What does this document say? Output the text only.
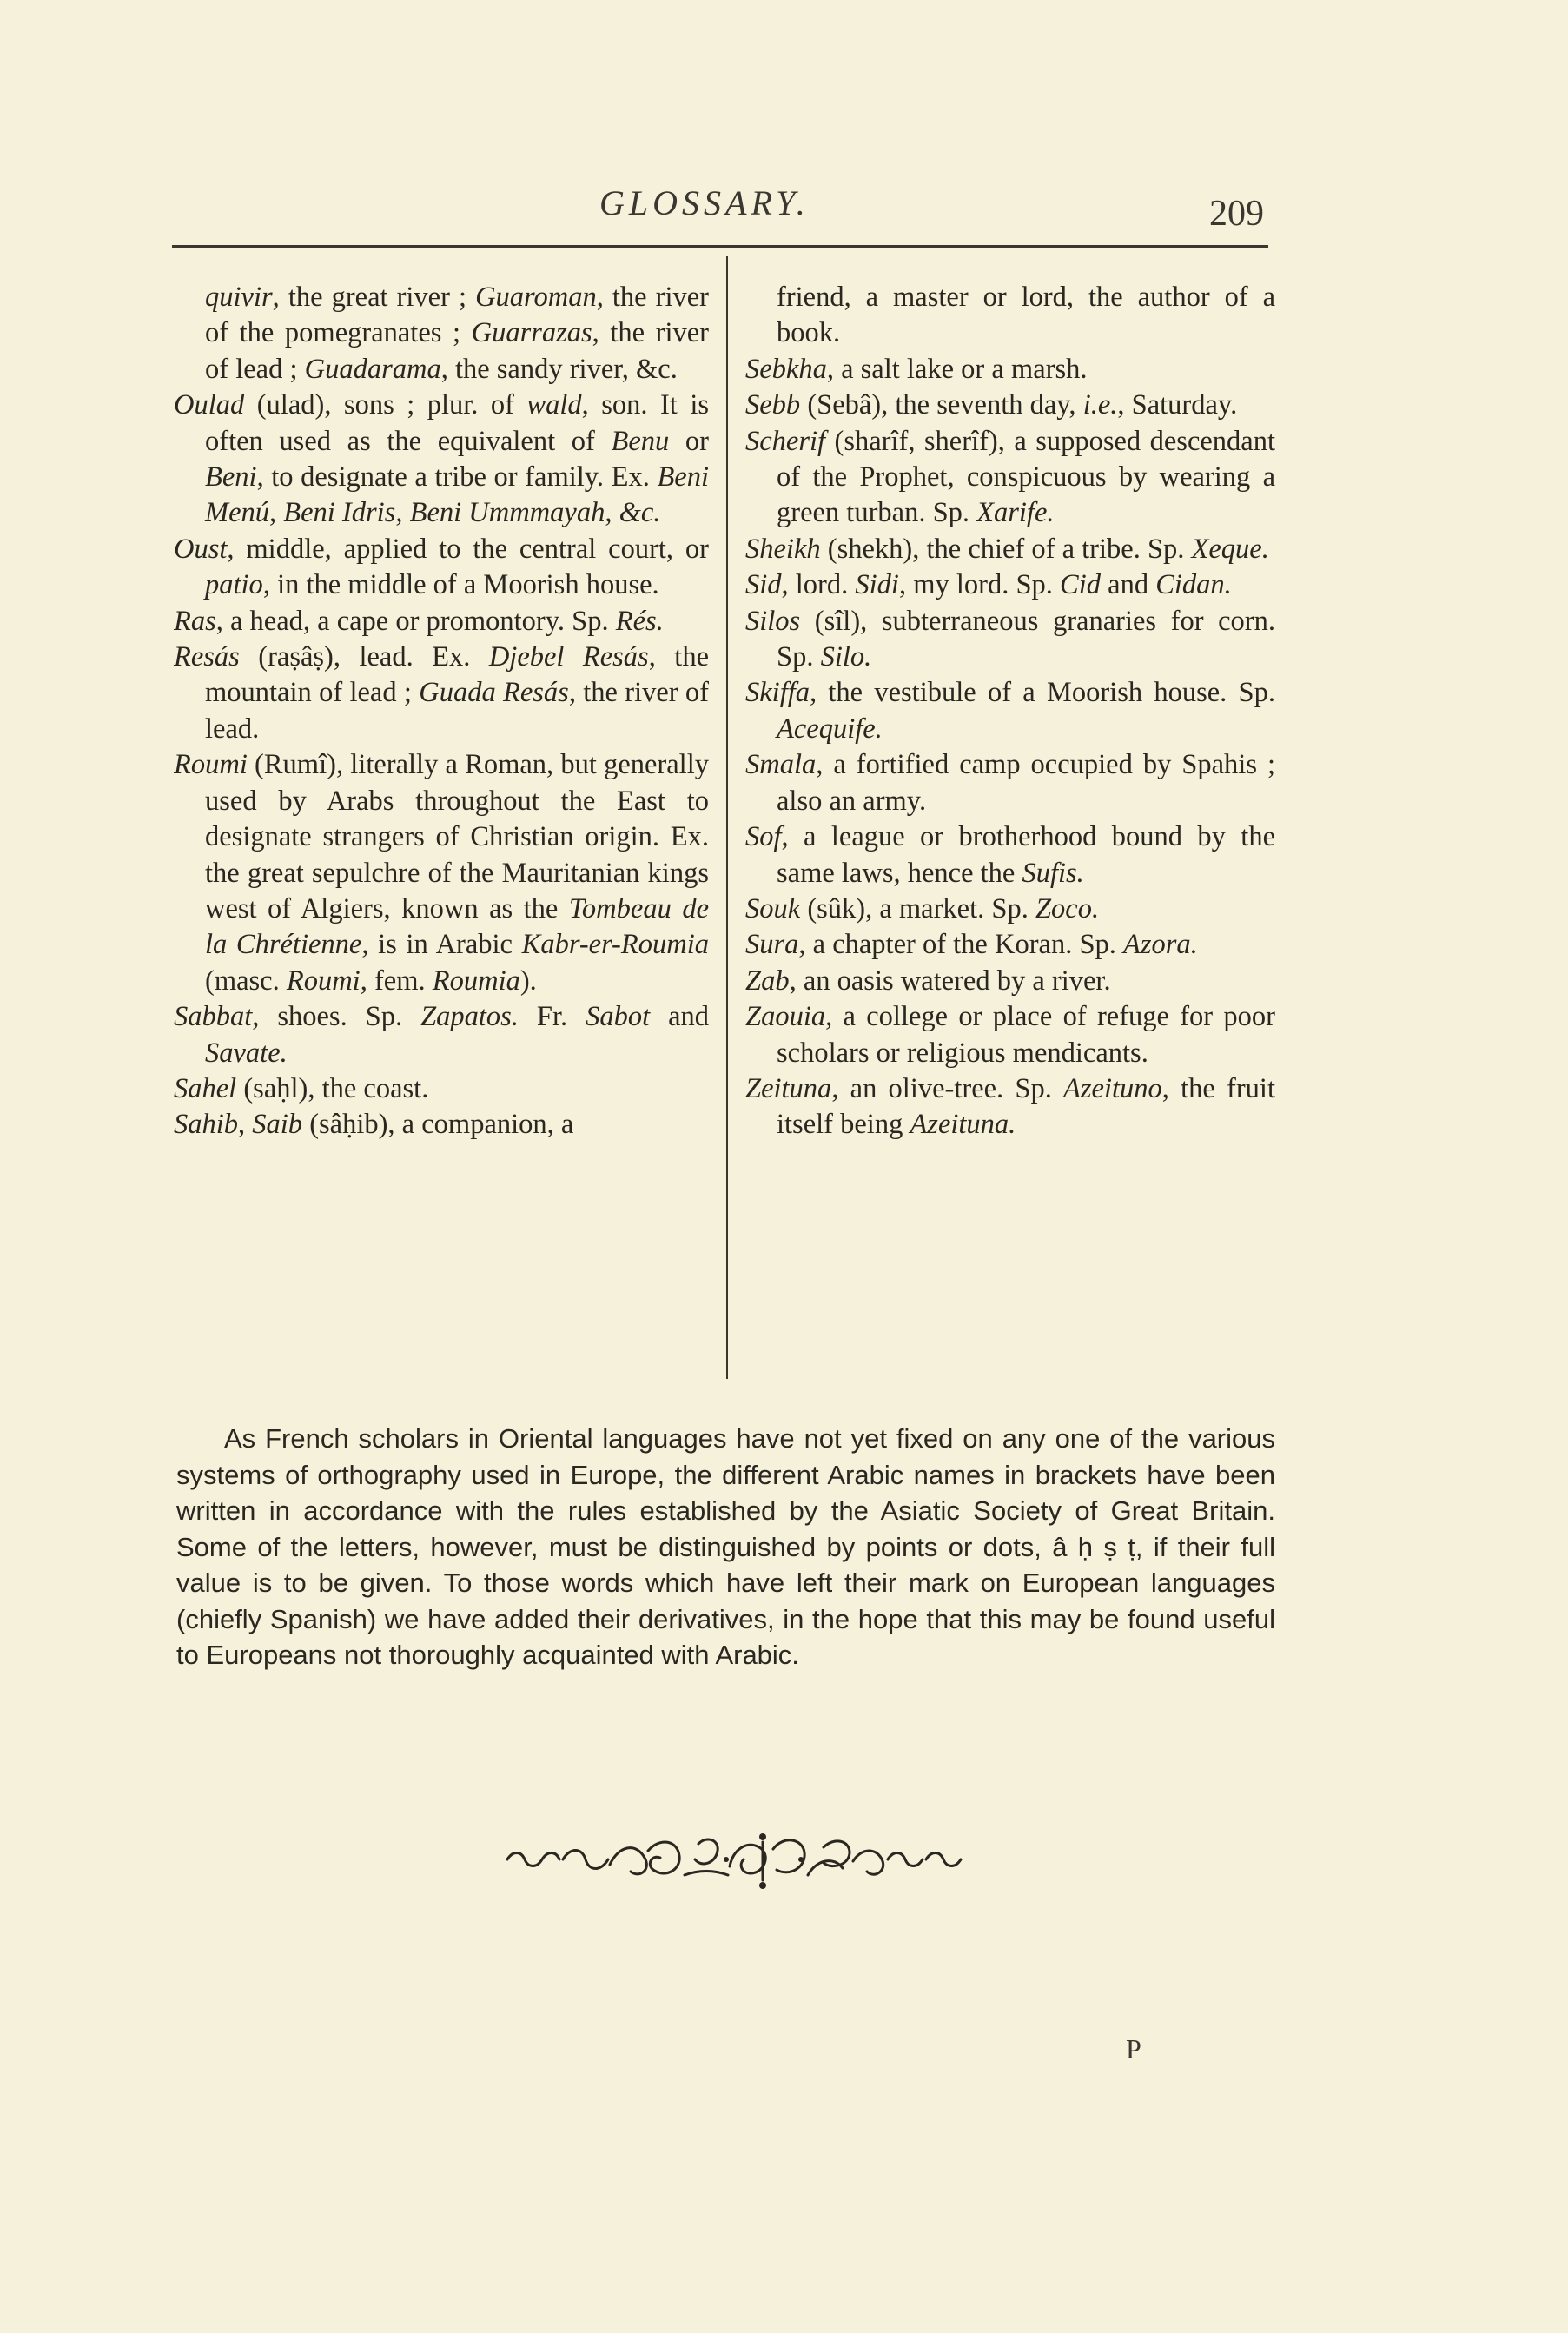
GLOSSARY.	209

quivir, the great river ; Guaroman, the river of the pomegranates ; Guarrazas, the river of lead ; Guadarama, the sandy river, &c.

Oulad (ulad), sons ; plur. of wald, son. It is often used as the equivalent of Benu or Beni, to designate a tribe or family. Ex. Beni Menú, Beni Idris, Beni Ummmayah, &c.

Oust, middle, applied to the central court, or patio, in the middle of a Moorish house.

Ras, a head, a cape or promontory. Sp. Rés.

Resás (raṣâṣ), lead. Ex. Djebel Resás, the mountain of lead ; Guada Resás, the river of lead.

Roumi (Rumî), literally a Roman, but generally used by Arabs throughout the East to designate strangers of Christian origin. Ex. the great sepulchre of the Mauritanian kings west of Algiers, known as the Tombeau de la Chrétienne, is in Arabic Kabr-er-Roumia (masc. Roumi, fem. Roumia).

Sabbat, shoes. Sp. Zapatos. Fr. Sabot and Savate.

Sahel (saḥl), the coast.

Sahib, Saib (sâḥib), a companion, a

friend, a master or lord, the author of a book.

Sebkha, a salt lake or a marsh.

Sebb (Sebâ), the seventh day, i.e., Saturday.

Scherif (sharîf, sherîf), a supposed descendant of the Prophet, conspicuous by wearing a green turban. Sp. Xarife.

Sheikh (shekh), the chief of a tribe. Sp. Xeque.

Sid, lord. Sidi, my lord. Sp. Cid and Cidan.

Silos (sîl), subterraneous granaries for corn. Sp. Silo.

Skiffa, the vestibule of a Moorish house. Sp. Acequife.

Smala, a fortified camp occupied by Spahis ; also an army.

Sof, a league or brotherhood bound by the same laws, hence the Sufis.

Souk (sûk), a market. Sp. Zoco.

Sura, a chapter of the Koran. Sp. Azora.

Zab, an oasis watered by a river.

Zaouia, a college or place of refuge for poor scholars or religious mendicants.

Zeituna, an olive-tree. Sp. Azeituno, the fruit itself being Azeituna.

As French scholars in Oriental languages have not yet fixed on any one of the various systems of orthography used in Europe, the different Arabic names in brackets have been written in accordance with the rules established by the Asiatic Society of Great Britain. Some of the letters, however, must be distinguished by points or dots, â ḥ ṣ ṭ, if their full value is to be given. To those words which have left their mark on European languages (chiefly Spanish) we have added their derivatives, in the hope that this may be found useful to Europeans not thoroughly acquainted with Arabic.

P
